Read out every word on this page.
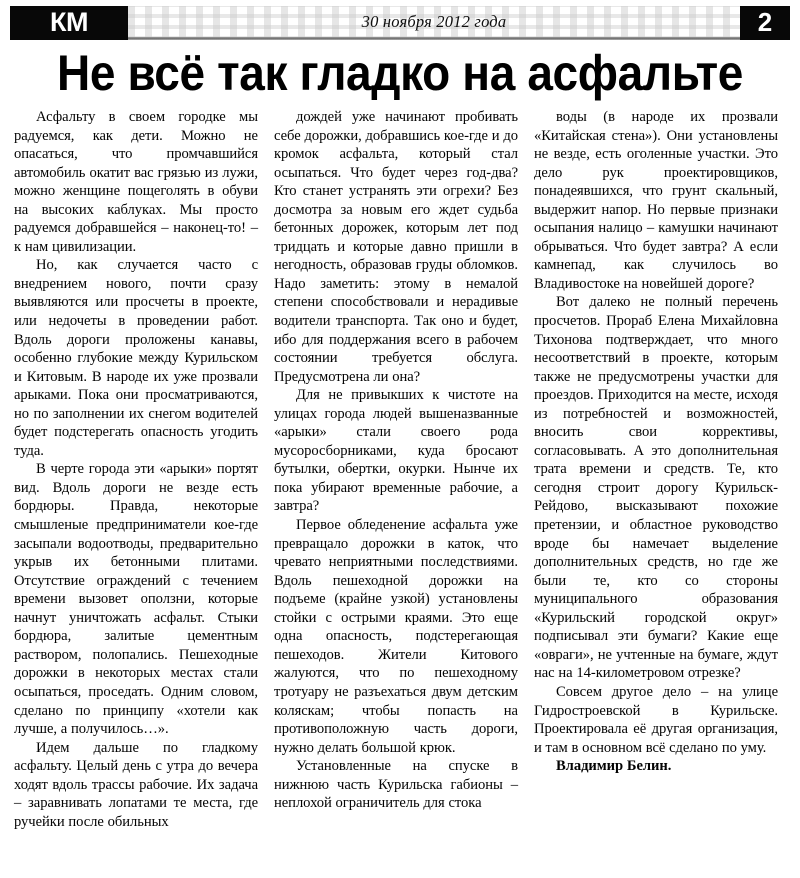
КМ	30 ноября 2012 года	2
Не всё так гладко на асфальте

Асфальту в своем городке мы радуемся, как дети. Можно не опасаться, что промчавшийся автомобиль окатит вас грязью из лужи, можно женщине пощеголять в обуви на высоких каблуках. Мы просто радуемся добравшейся – наконец-то! – к нам цивилизации.

Но, как случается часто с внедрением нового, почти сразу выявляются или просчеты в проекте, или недочеты в проведении работ. Вдоль дороги проложены канавы, особенно глубокие между Курильском и Китовым. В народе их уже прозвали арыками. Пока они просматриваются, но по заполнении их снегом водителей будет подстерегать опасность угодить туда.

В черте города эти «арыки» портят вид. Вдоль дороги не везде есть бордюры. Правда, некоторые смышленые предприниматели кое-где засыпали водоотводы, предварительно укрыв их бетонными плитами. Отсутствие ограждений с течением времени вызовет оползни, которые начнут уничтожать асфальт. Стыки бордюра, залитые цементным раствором, полопались. Пешеходные дорожки в некоторых местах стали осыпаться, проседать. Одним словом, сделано по принципу «хотели как лучше, а получилось…».

Идем дальше по гладкому асфальту. Целый день с утра до вечера ходят вдоль трассы рабочие. Их задача – заравнивать лопатами те места, где ручейки после обильных

дождей уже начинают пробивать себе дорожки, добравшись кое-где и до кромок асфальта, который стал осыпаться. Что будет через год-два? Кто станет устранять эти огрехи? Без досмотра за новым его ждет судьба бетонных дорожек, которым лет под тридцать и которые давно пришли в негодность, образовав груды обломков. Надо заметить: этому в немалой степени способствовали и нерадивые водители транспорта. Так оно и будет, ибо для поддержания всего в рабочем состоянии требуется обслуга. Предусмотрена ли она?

Для не привыкших к чистоте на улицах города людей вышеназванные «арыки» стали своего рода мусоросборниками, куда бросают бутылки, обертки, окурки. Нынче их пока убирают временные рабочие, а завтра?

Первое обледенение асфальта уже превращало дорожки в каток, что чревато неприятными последствиями. Вдоль пешеходной дорожки на подъеме (крайне узкой) установлены стойки с острыми краями. Это еще одна опасность, подстерегающая пешеходов. Жители Китового жалуются, что по пешеходному тротуару не разъехаться двум детским коляскам; чтобы попасть на противоположную часть дороги, нужно делать большой крюк.

Установленные на спуске в нижнюю часть Курильска габионы – неплохой ограничитель для стока

воды (в народе их прозвали «Китайская стена»). Они установлены не везде, есть оголенные участки. Это дело рук проектировщиков, понадеявшихся, что грунт скальный, выдержит напор. Но первые признаки осыпания налицо – камушки начинают обрываться. Что будет завтра? А если камнепад, как случилось во Владивостоке на новейшей дороге?

Вот далеко не полный перечень просчетов. Прораб Елена Михайловна Тихонова подтверждает, что много несоответствий в проекте, которым также не предусмотрены участки для проездов. Приходится на месте, исходя из потребностей и возможностей, вносить свои коррективы, согласовывать. А это дополнительная трата времени и средств. Те, кто сегодня строит дорогу Курильск-Рейдово, высказывают похожие претензии, и областное руководство вроде бы намечает выделение дополнительных средств, но где же были те, кто со стороны муниципального образования «Курильский городской округ» подписывал эти бумаги? Какие еще «овраги», не учтенные на бумаге, ждут нас на 14-километровом отрезке?

Совсем другое дело – на улице Гидростроевской в Курильске. Проектировала её другая организация, и там в основном всё сделано по уму.

Владимир Белин.
